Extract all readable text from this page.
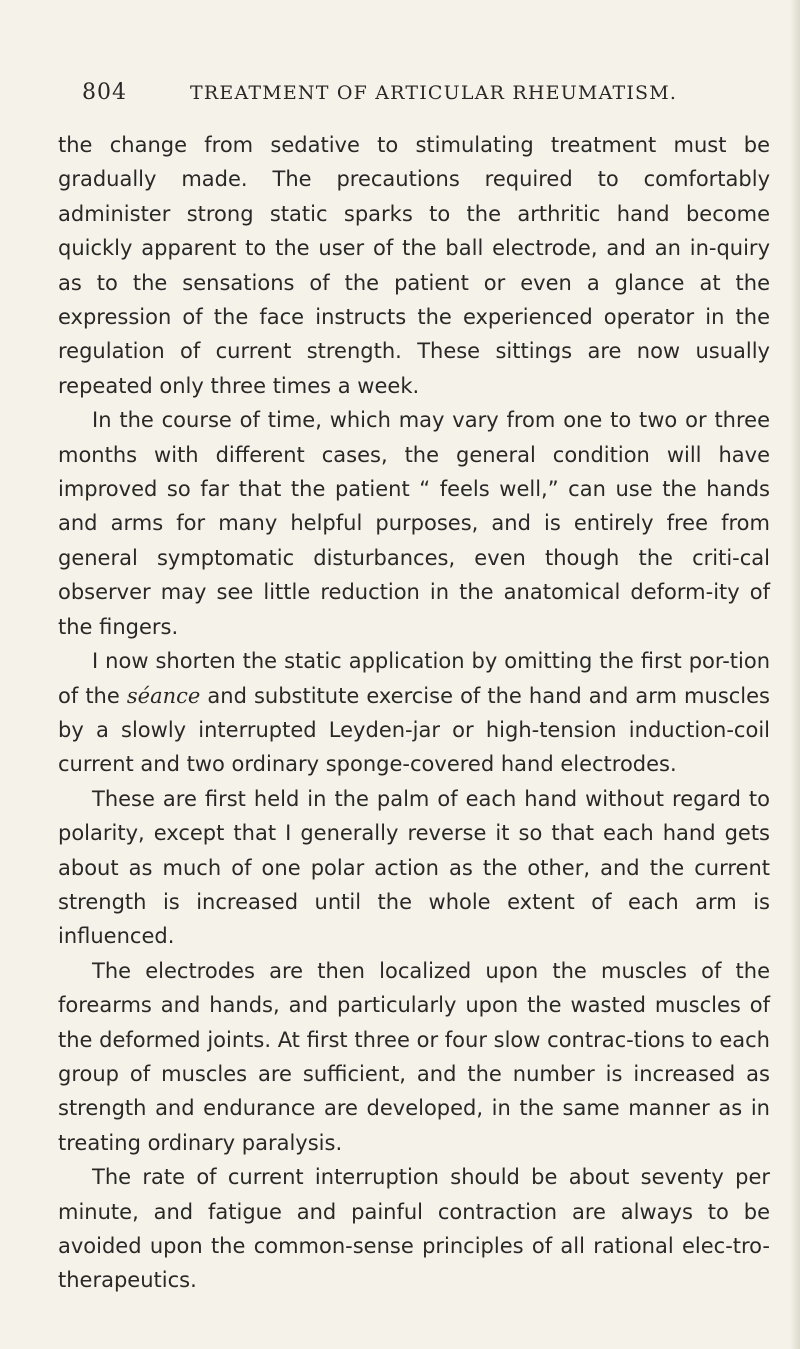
804	TREATMENT OF ARTICULAR RHEUMATISM.

the change from sedative to stimulating treatment must be gradually made. The precautions required to comfortably administer strong static sparks to the arthritic hand become quickly apparent to the user of the ball electrode, and an in-quiry as to the sensations of the patient or even a glance at the expression of the face instructs the experienced operator in the regulation of current strength. These sittings are now usually repeated only three times a week.

In the course of time, which may vary from one to two or three months with different cases, the general condition will have improved so far that the patient “ feels well,” can use the hands and arms for many helpful purposes, and is entirely free from general symptomatic disturbances, even though the criti-cal observer may see little reduction in the anatomical deform-ity of the fingers.

I now shorten the static application by omitting the first por-tion of the séance and substitute exercise of the hand and arm muscles by a slowly interrupted Leyden-jar or high-tension induction-coil current and two ordinary sponge-covered hand electrodes.

These are first held in the palm of each hand without regard to polarity, except that I generally reverse it so that each hand gets about as much of one polar action as the other, and the current strength is increased until the whole extent of each arm is influenced.

The electrodes are then localized upon the muscles of the forearms and hands, and particularly upon the wasted muscles of the deformed joints. At first three or four slow contrac-tions to each group of muscles are sufficient, and the number is increased as strength and endurance are developed, in the same manner as in treating ordinary paralysis.

The rate of current interruption should be about seventy per minute, and fatigue and painful contraction are always to be avoided upon the common-sense principles of all rational elec-tro-therapeutics.
